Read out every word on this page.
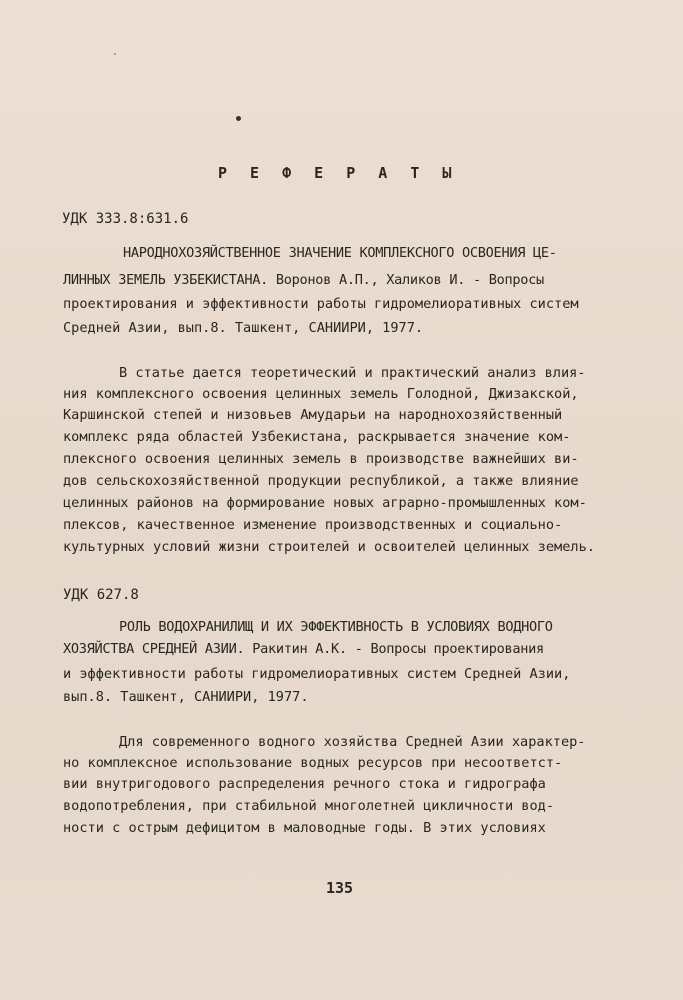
Р Е Ф Е Р А Т Ы
УДК 333.8:631.6
НАРОДНОХОЗЯЙСТВЕННОЕ ЗНАЧЕНИЕ КОМПЛЕКСНОГО ОСВОЕНИЯ ЦЕ-
ЛИННЫХ ЗЕМЕЛЬ УЗБЕКИСТАНА. Воронов А.П., Халиков И. - Вопросы
проектирования и эффективности работы гидромелиоративных систем
Средней Азии, вып.8. Ташкент, САНИИРИ, 1977.
В статье дается теоретический и практический анализ влия-
ния комплексного освоения целинных земель Голодной, Джизакской,
Каршинской степей и низовьев Амударьи на народнохозяйственный
комплекс ряда областей Узбекистана, раскрывается значение ком-
плексного освоения целинных земель в производстве важнейших ви-
дов сельскохозяйственной продукции республикой, а также влияние
целинных районов на формирование новых аграрно-промышленных ком-
плексов, качественное изменение производственных и социально-
культурных условий жизни строителей и освоителей целинных земель.
УДК 627.8
РОЛЬ ВОДОХРАНИЛИЩ И ИХ ЭФФЕКТИВНОСТЬ В УСЛОВИЯХ ВОДНОГО
ХОЗЯЙСТВА СРЕДНЕЙ АЗИИ. Ракитин А.К. - Вопросы проектирования
и эффективности работы гидромелиоративных систем Средней Азии,
вып.8. Ташкент, САНИИРИ, 1977.
Для современного водного хозяйства Средней Азии характер-
но комплексное использование водных ресурсов при несоответст-
вии внутригодового распределения речного стока и гидрографа
водопотребления, при стабильной многолетней цикличности вод-
ности с острым дефицитом в маловодные годы. В этих условиях
135
